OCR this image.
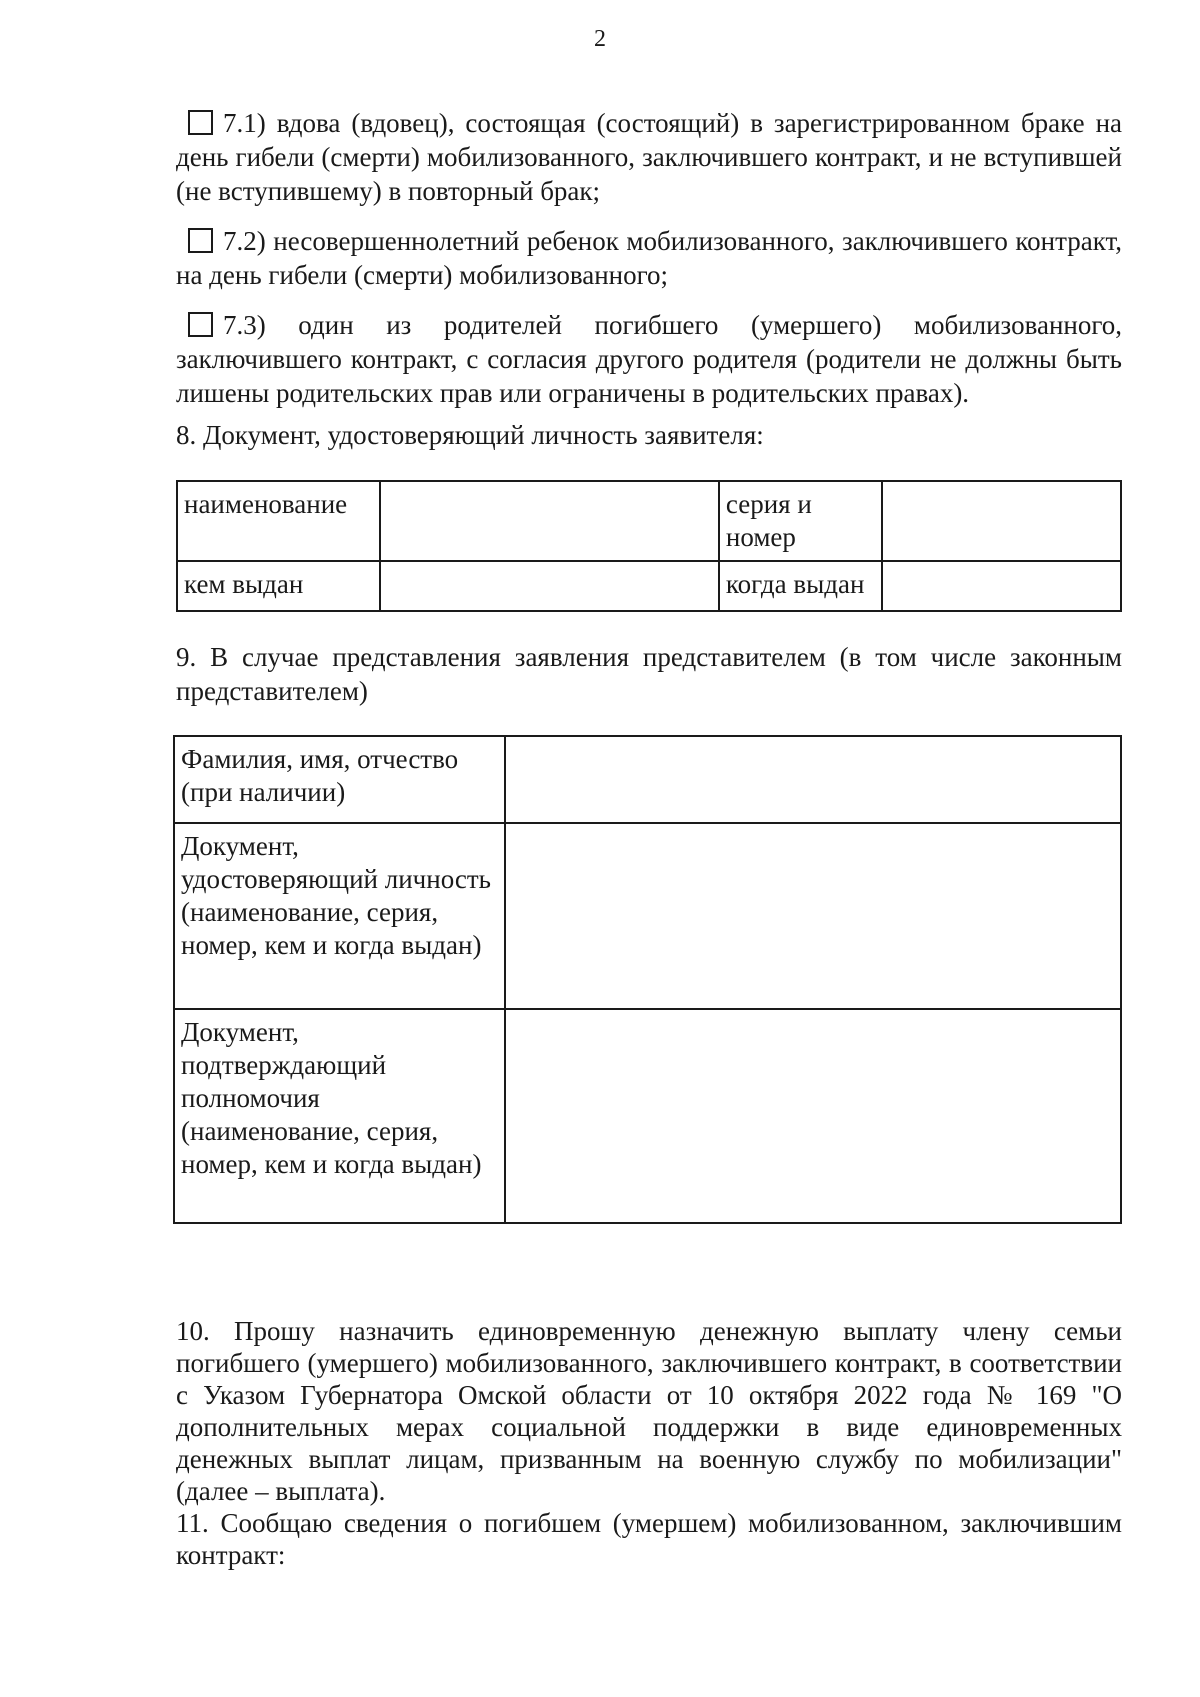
2
7.1) вдова (вдовец), состоящая (состоящий) в зарегистрированном браке на день гибели (смерти) мобилизованного, заключившего контракт, и не вступившей (не вступившему) в повторный брак;
7.2) несовершеннолетний ребенок мобилизованного, заключившего контракт, на день гибели (смерти) мобилизованного;
7.3) один из родителей погибшего (умершего) мобилизованного, заключившего контракт, с согласия другого родителя (родители не должны быть лишены родительских прав или ограничены в родительских правах).
8. Документ, удостоверяющий личность заявителя:
наименование		серия и номер	
кем выдан		когда выдан	
9. В случае представления заявления представителем (в том числе законным представителем)
Фамилия, имя, отчество (при наличии)	
Документ, удостоверяющий личность (наименование, серия, номер, кем и когда выдан)	
Документ, подтверждающий полномочия (наименование, серия, номер, кем и когда выдан)	
10. Прошу назначить единовременную денежную выплату члену семьи погибшего (умершего) мобилизованного, заключившего контракт, в соответствии с Указом Губернатора Омской области от 10 октября 2022 года № 169 "О дополнительных мерах социальной поддержки в виде единовременных денежных выплат лицам, призванным на военную службу по мобилизации" (далее – выплата).
11. Сообщаю сведения о погибшем (умершем) мобилизованном, заключившим контракт:
